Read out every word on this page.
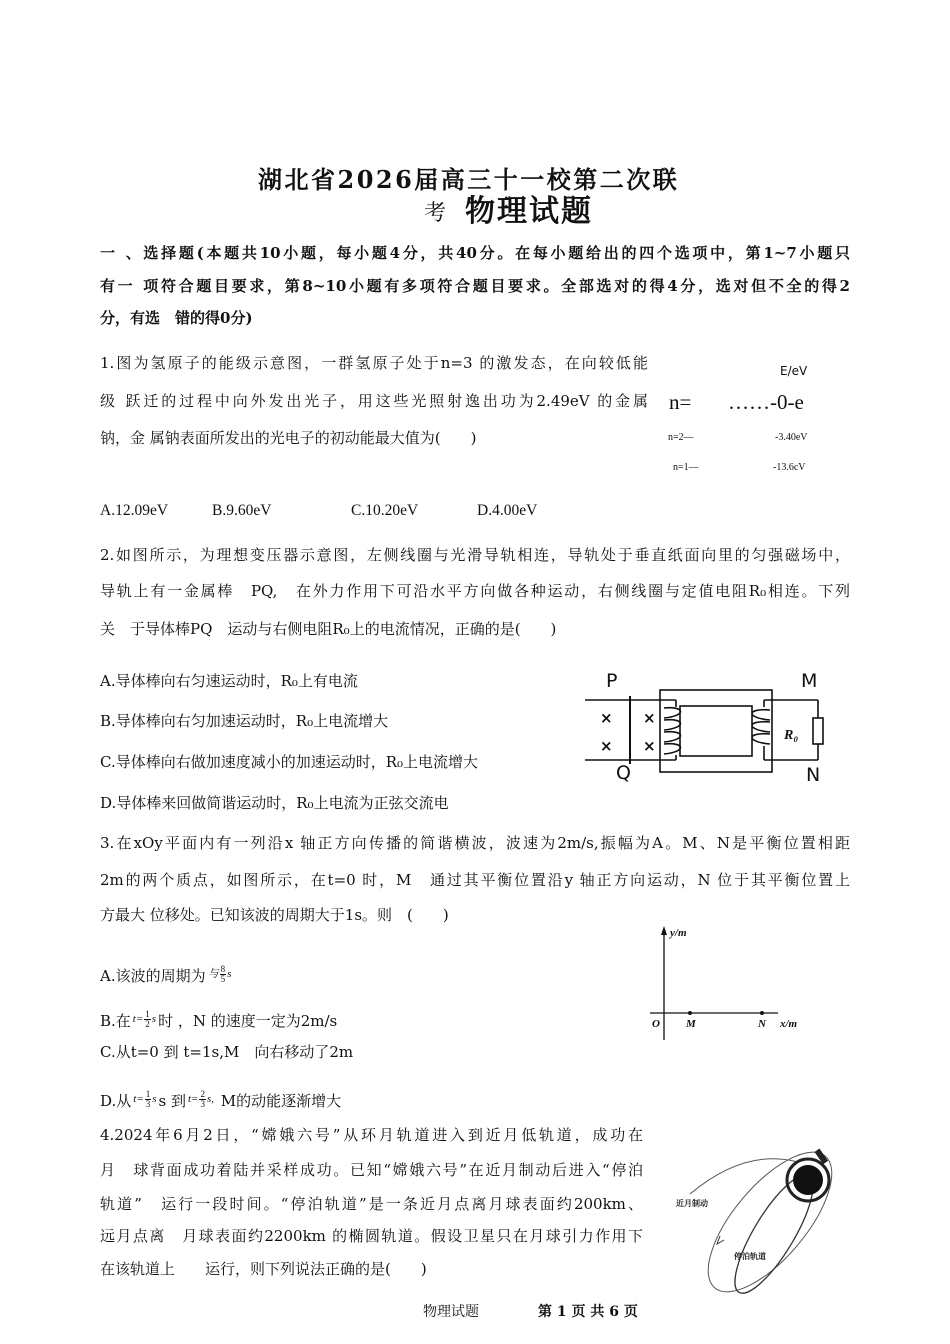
湖北省2026届高三十一校第二次联
考 物理试题
一 、选择题(本题共10小题，每小题4分，共40分。在每小题给出的四个选项中，第1~7小题只
有一 项符合题目要求，第8~10小题有多项符合题目要求。全部选对的得4分，选对但不全的得2
分，有选　错的得0分)
1.图为氢原子的能级示意图，一群氢原子处于n=3 的激发态，在向较低能
级 跃迁的过程中向外发出光子，用这些光照射逸出功为2.49eV 的金属
钠，金 属钠表面所发出的光电子的初动能最大值为(　　)
E/eV
n= ……-0-e
n=2—	-3.40eV
n=1—	-13.6cV
A.12.09eV	B.9.60eV	C.10.20eV	D.4.00eV
2.如图所示，为理想变压器示意图，左侧线圈与光滑导轨相连，导轨处于垂直纸面向里的匀强磁场中，
导轨上有一金属棒　PQ,　在外力作用下可沿水平方向做各种运动，右侧线圈与定值电阻R₀相连。下列
关　于导体棒PQ　运动与右侧电阻R₀上的电流情况，正确的是(　　)
A.导体棒向右匀速运动时，R₀上有电流
B.导体棒向右匀加速运动时，R₀上电流增大
C.导体棒向右做加速度减小的加速运动时，R₀上电流增大
D.导体棒来回做简谐运动时，R₀上电流为正弦交流电
×
×
×
×
P	M
Q	N
R₀
3.在xOy平面内有一列沿x 轴正方向传播的简谐横波，波速为2m/s,振幅为A。M、N是平衡位置相距
2m的两个质点，如图所示，在t=0 时，M　通过其平衡位置沿y 轴正方向运动，N 位于其平衡位置上
方最大 位移处。已知该波的周期大于1s。则　(　　)
A.该波的周期为 与 $\frac{8}{5}$ s
B.在 $t= \frac{1}{2}$ s 时 ，N 的速度一定为2m/s
C.从t=0 到 t=1s,M　向右移动了2m
D.从 $t= \frac{1}{3}$ s s 到 $t= \frac{2}{3} s$, M的动能逐渐增大
y/m
O M	N x/m
4.2024年6月2日，“嫦娥六号”从环月轨道进入到近月低轨道，成功在
月　球背面成功着陆并采样成功。已知“嫦娥六号”在近月制动后进入“停泊
轨道”　运行一段时间。“停泊轨道”是一条近月点离月球表面约200km、
远月点离　月球表面约2200km 的椭圆轨道。假设卫星只在月球引力作用下
在该轨道上　　运行，则下列说法正确的是(　　)
近月制动
停泊轨道
物理试题	第 1 页 共 6 页
